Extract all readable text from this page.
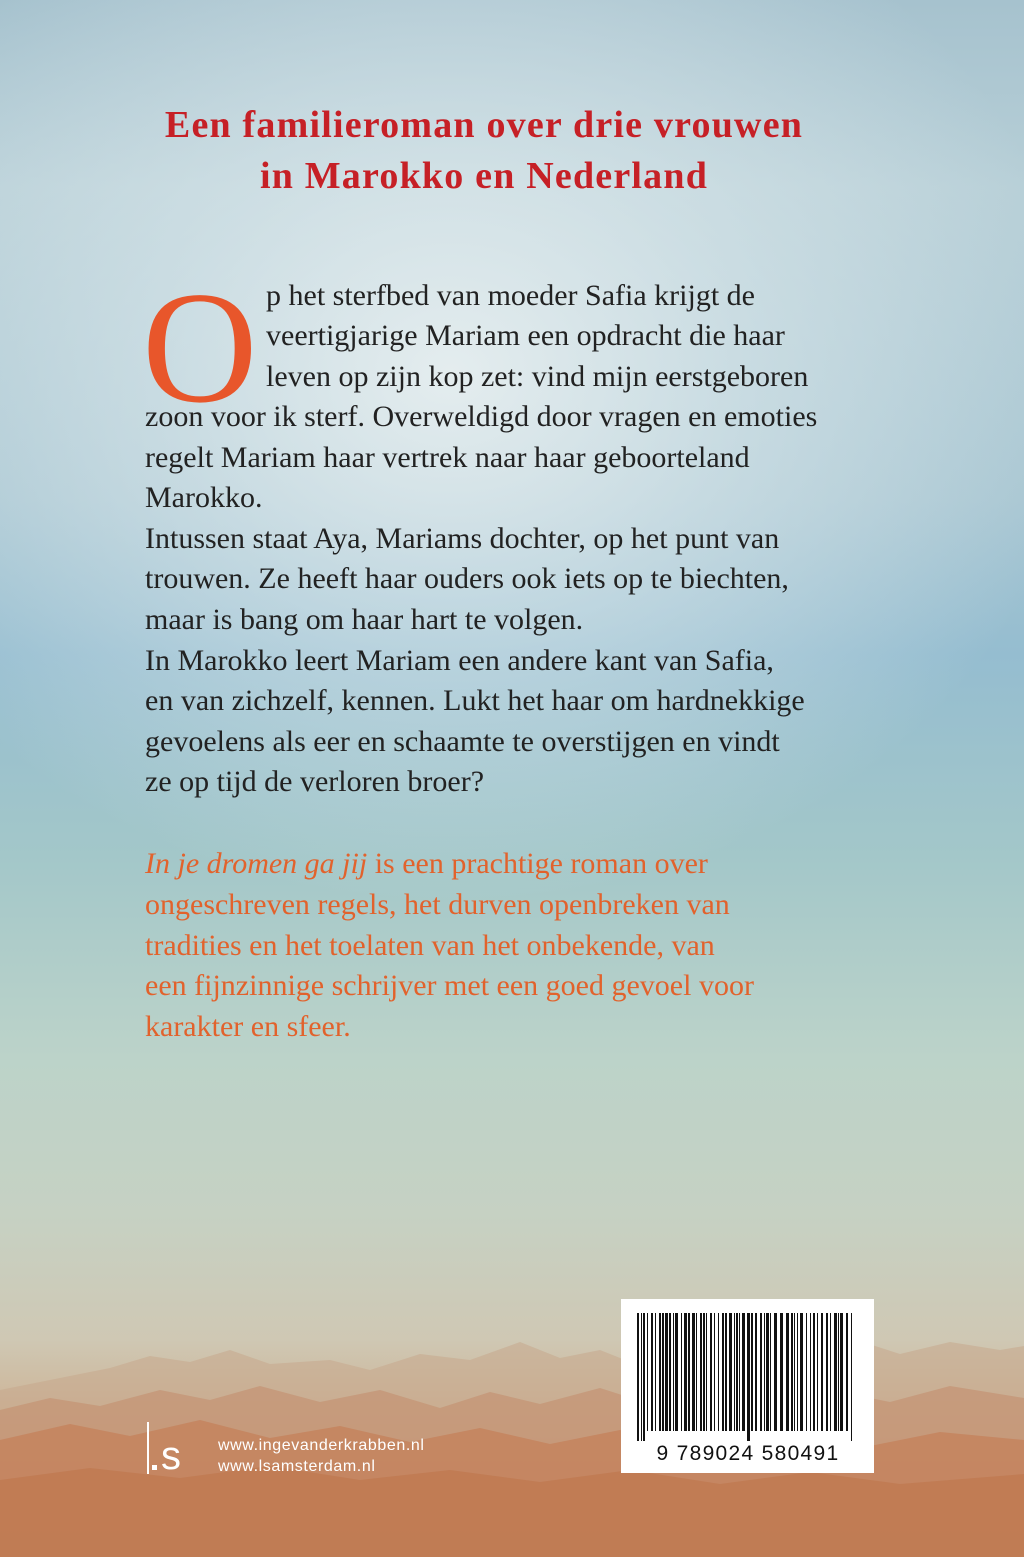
Een familieroman over drie vrouwen

in Marokko en Nederland

O p het sterfbed van moeder Safia krijgt de

veertigjarige Mariam een opdracht die haar

leven op zijn kop zet: vind mijn eerstgeboren

zoon voor ik sterf. Overweldigd door vragen en emoties

regelt Mariam haar vertrek naar haar geboorteland

Marokko.

Intussen staat Aya, Mariams dochter, op het punt van

trouwen. Ze heeft haar ouders ook iets op te biechten,

maar is bang om haar hart te volgen.

In Marokko leert Mariam een andere kant van Safia,

en van zichzelf, kennen. Lukt het haar om hardnekkige

gevoelens als eer en schaamte te overstijgen en vindt

ze op tijd de verloren broer?

In je dromen ga jij is een prachtige roman over

ongeschreven regels, het durven openbreken van

tradities en het toelaten van het onbekende, van

een fijnzinnige schrijver met een goed gevoel voor

karakter en sfeer.

9 789024 580491
s www.ingevanderkrabben.nl

www.lsamsterdam.nl
